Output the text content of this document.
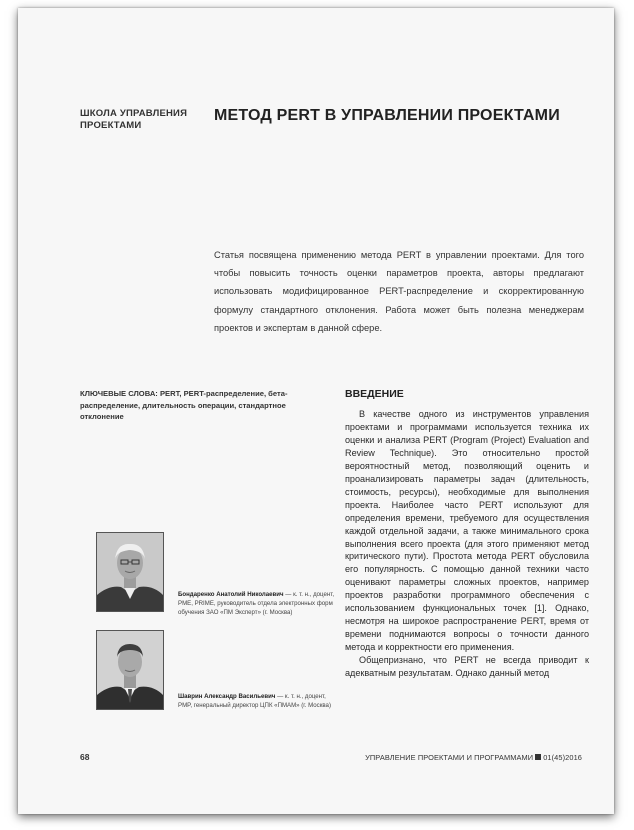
ШКОЛА УПРАВЛЕНИЯ ПРОЕКТАМИ
МЕТОД PERT В УПРАВЛЕНИИ ПРОЕКТАМИ

Статья посвящена применению метода PERT в управлении проектами. Для того чтобы повысить точность оценки параметров проекта, авторы предлагают использовать модифицированное PERT-распределение и скорректированную формулу стандартного отклонения. Работа может быть полезна менеджерам проектов и экспертам в данной сфере.

КЛЮЧЕВЫЕ СЛОВА: PERT, PERT-распределение, бета-распределение, длительность операции, стандартное отклонение

ВВЕДЕНИЕ

В качестве одного из инструментов управления проектами и программами используется техника их оценки и анализа PERT (Program (Project) Evaluation and Review Technique). Это относительно простой вероятностный метод, позволяющий оценить и проанализировать параметры задач (длительность, стоимость, ресурсы), необходимые для выполнения проекта. Наиболее часто PERT используют для определения времени, требуемого для осуществления каждой отдельной задачи, а также минимального срока выполнения всего проекта (для этого применяют метод критического пути). Простота метода PERT обусловила его популярность. С помощью данной техники часто оценивают параметры сложных проектов, например проектов разработки программного обеспечения с использованием функциональных точек [1]. Однако, несмотря на широкое распространение PERT, время от времени поднимаются вопросы о точности данного метода и корректности его применения.

Общепризнано, что PERT не всегда приводит к адекватным результатам. Однако данный метод

Бондаренко Анатолий Николаевич — к. т. н., доцент, PME, PRIME, руководитель отдела электронных форм обучения ЗАО «ПМ Эксперт» (г. Москва)

Шаврин Александр Васильевич — к. т. н., доцент, PMP, генеральный директор ЦПК «ПМАМ» (г. Москва)

68	УПРАВЛЕНИЕ ПРОЕКТАМИ И ПРОГРАММАМИ 01(45)2016
